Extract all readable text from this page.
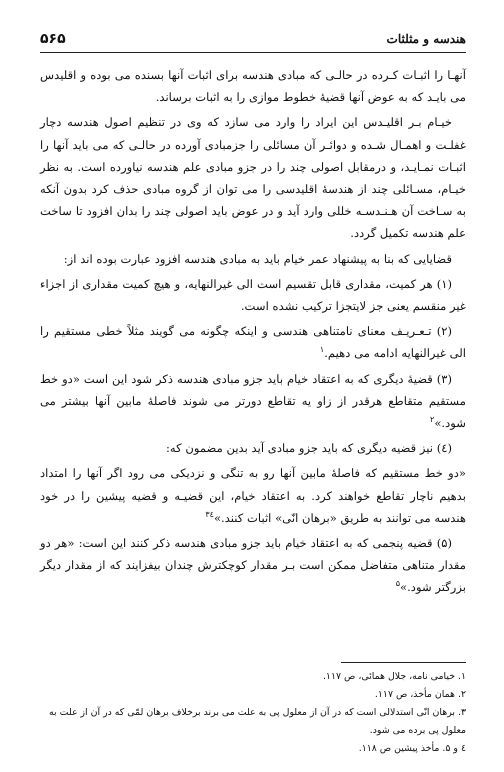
هندسه و مثلثات
۵۶۵

آنهـا را اثبـات کـرده در حالـی که مبادی هندسه برای اثبات آنها بسنده می بوده و اقلیدس می بایـد که به عوض آنها قضیهٔ خطوط موازی را به اثبات برساند.

خیـام بـر اقلیـدس این ایراد را وارد می سازد که وی در تنظیم اصول هندسه دچار غفلـت و اهمـال شـده و دوائـر آن مسائلی را جزمبادی آورده در حالـی که می باید آنها را اثبـات نمـایـد، و درمقابل اصولی چند را در جزو مبادی علم هندسه نیاورده است. به نظر خیـام، مسـائلی چند از هندسهٔ اقلیدسی را می توان از گروه مبادی حذف کرد بدون آنکه به سـاخت آن هـنـدسـه خللی وارد آید و در عوض باید اصولی چند را بدان افزود تا ساخت علم هندسه تکمیل گردد.

قضایایی که بنا به پیشنهاد عمر خیام باید به مبادی هندسه افزود عبارت بوده اند از:

(۱) هر کمیت، مقداری قابل تقسیم است الی غیرالنهایه، و هیچ کمیت مقداری از اجزاء غیر منقسم یعنی جز لایتجزا ترکیب نشده است.

(۲) تـعـریـف معنای نامتناهی هندسی و اینکه چگونه می گویند مثلاً خطی مستقیم را الی غیرالنهایه ادامه می دهیم.$^۱$

(۳) قضیهٔ دیگری که به اعتقاد خیام باید جزو مبادی هندسه ذکر شود این است «دو خط مستقیم متقاطع هرقدر از زاو یه تقاطع دورتر می شوند فاصلهٔ مابین آنها بیشتر می شود.»$^۲$

(٤) نیز قضیه دیگری که باید جزو مبادی آید بدین مضمون که:

«دو خط مستقیم که فاصلهٔ مابین آنها رو به تنگی و نزدیکی می رود اگر آنها را امتداد بدهیم ناچار تقاطع خواهند کرد. به اعتقاد خیام، این قضیـه و قضیه پیشین را در خود هندسه می توانند به طریق «برهان انّی» اثبات کنند.»$^{۳٤}$

(۵) قضیه پنجمی که به اعتقاد خیام باید جزو مبادی هندسه ذکر کنند این است: «هر دو مقدار متناهی متفاضل ممکن است بـر مقدار کوچکترش چندان بیفزایند که از مقدار دیگر بزرگتر شود.»$^۵$

۱. خیامی نامه، جلال همائی، ص ۱۱۷.
۲. همان مأخذ، ص ۱۱۷.
۳. برهان انّی استدلالی است که در آن از معلول پی به علت می برند برخلاف برهان لمّی که در آن از علت به معلول پی برده می شود.
٤ و ۵. مأخذ پیشین ص ۱۱۸.
